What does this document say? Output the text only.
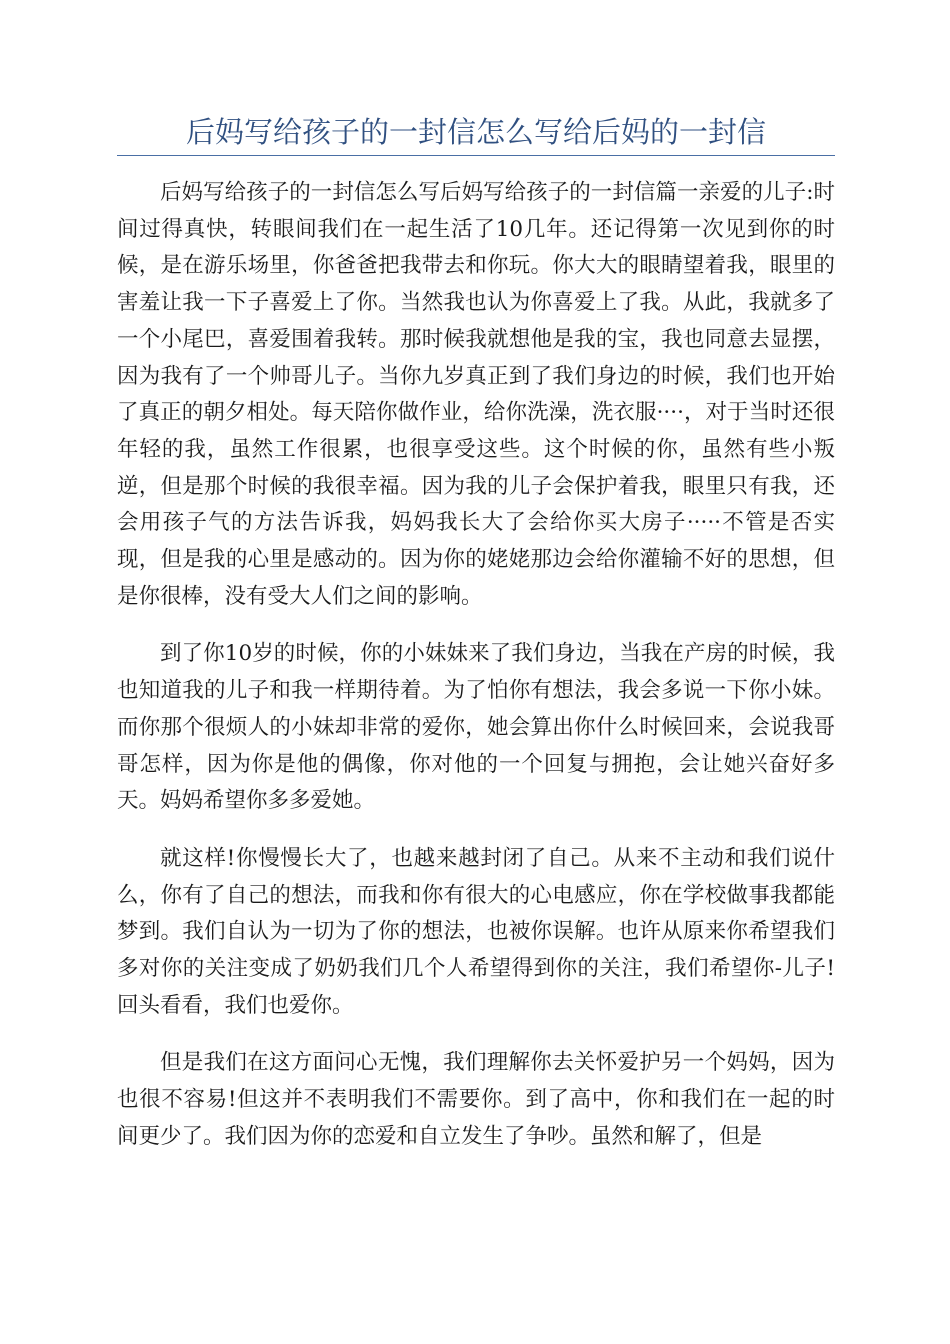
后妈写给孩子的一封信怎么写给后妈的一封信

后妈写给孩子的一封信怎么写后妈写给孩子的一封信篇一亲爱的儿子:时间过得真快，转眼间我们在一起生活了10几年。还记得第一次见到你的时候，是在游乐场里，你爸爸把我带去和你玩。你大大的眼睛望着我，眼里的害羞让我一下子喜爱上了你。当然我也认为你喜爱上了我。从此，我就多了一个小尾巴，喜爱围着我转。那时候我就想他是我的宝，我也同意去显摆，因为我有了一个帅哥儿子。当你九岁真正到了我们身边的时候，我们也开始了真正的朝夕相处。每天陪你做作业，给你洗澡，洗衣服····，对于当时还很年轻的我，虽然工作很累，也很享受这些。这个时候的你，虽然有些小叛逆，但是那个时候的我很幸福。因为我的儿子会保护着我，眼里只有我，还会用孩子气的方法告诉我，妈妈我长大了会给你买大房子·····不管是否实现，但是我的心里是感动的。因为你的姥姥那边会给你灌输不好的思想，但是你很棒，没有受大人们之间的影响。

到了你10岁的时候，你的小妹妹来了我们身边，当我在产房的时候，我也知道我的儿子和我一样期待着。为了怕你有想法，我会多说一下你小妹。而你那个很烦人的小妹却非常的爱你，她会算出你什么时候回来，会说我哥哥怎样，因为你是他的偶像，你对他的一个回复与拥抱，会让她兴奋好多天。妈妈希望你多多爱她。

就这样!你慢慢长大了，也越来越封闭了自己。从来不主动和我们说什么，你有了自己的想法，而我和你有很大的心电感应，你在学校做事我都能梦到。我们自认为一切为了你的想法，也被你误解。也许从原来你希望我们多对你的关注变成了奶奶我们几个人希望得到你的关注，我们希望你-儿子!回头看看，我们也爱你。

但是我们在这方面问心无愧，我们理解你去关怀爱护另一个妈妈，因为也很不容易!但这并不表明我们不需要你。到了高中，你和我们在一起的时间更少了。我们因为你的恋爱和自立发生了争吵。虽然和解了，但是
